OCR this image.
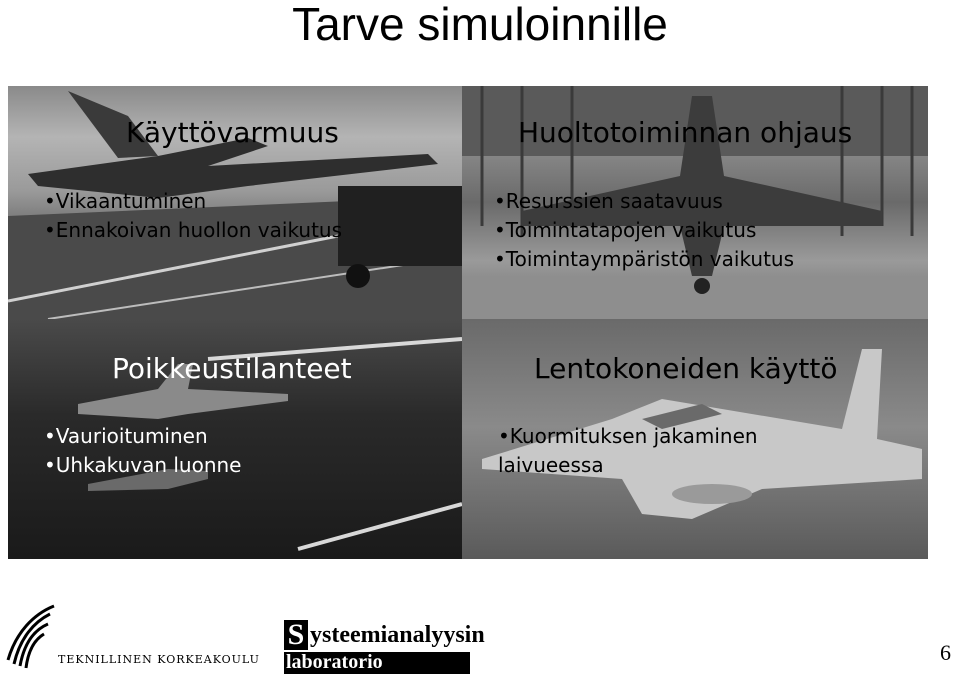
Tarve simuloinnille
Käyttövarmuus
•Vikaantuminen
•Ennakoivan huollon vaikutus
Huoltotoiminnan ohjaus
•Resurssien saatavuus
•Toimintatapojen vaikutus
•Toimintaympäristön vaikutus
Poikkeustilanteet
•Vaurioituminen
•Uhkakuvan luonne
Lentokoneiden käyttö
•Kuormituksen jakaminen
laivueessa
TEKNILLINEN KORKEAKOULU
S ysteemianalyysin
laboratorio	6
